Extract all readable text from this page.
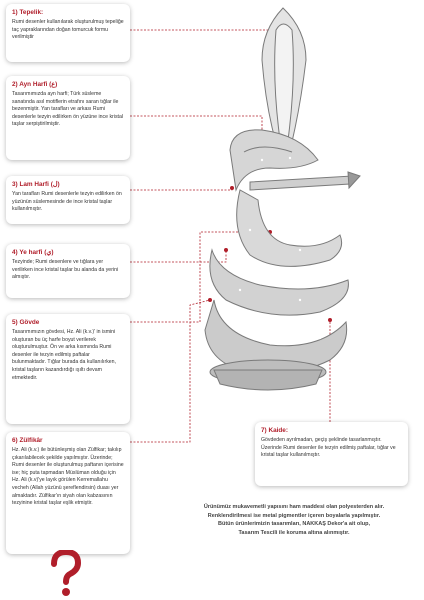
1) Tepelik:

Rumi desenler kullanılarak oluşturulmuş tepeliğe taç yapraklarından doğan tomurcuk formu verilmiştir

2) Ayn Harfi (ع)

Tasarımımızda ayn harfi; Türk süsleme sanatında asıl motiflerin etrafını saran tığlar ile bezenmiştir. Yan tarafları ve arkası Rumi desenlerle tezyin edilirken ön yüzüne ince kristal taşlar serpiştirilmiştir.

3) Lam Harfi (ل)

Yan tarafları Rumi desenlerle tezyin edilirken ön yüzünün süslemesinde de ince kristal taşlar kullanılmıştır.

4) Ye harfi (ي)

Tezyinde; Rumi desenlere ve tığlara yer verilirken ince kristal taşlar bu alanda da yerini almıştır.

5) Gövde

Tasarımımızın gövdesi, Hz. Ali (k.v.)' in ismini oluşturan bu üç harfe boyut verilerek oluşturulmuştur. Ön ve arka kısmında Rumi desenler ile tezyin edilmiş paftalar bulunmaktadır. Tığlar burada da kullanılırken, kristal taşların kazandırdığı ışıltı devam etmektedir.

6) Zülfikâr

Hz. Ali (k.v.) ile bütünleşmiş olan Zülfikar; takılıp çıkarılabilecek şekilde yapılmıştır. Üzerinde; Rumi desenler ile oluşturulmuş paftanın içerisine ise; hiç puta tapmadan Müslüman olduğu için Hz. Ali (k.v)'ye layık görülen Kerremallahu vecheh (Allah yüzünü şereflendirsin) duası yer almaktadır. Zülfikar'ın siyah olan kabzasının tezyinine kristal taşlar eşlik etmiştir.

7) Kaide:

Gövdeden ayrılmadan, geçiş şeklinde tasarlanmıştır. Üzerinde Rumi desenler ile tezyin edilmiş paftalar, tığlar ve kristal taşlar kullanılmıştır.

Ürünümüz mukavemetli yapısını ham maddesi olan polyesterden alır.

Renklendirilmesi ise metal pigmentler içeren boyalarla yapılmıştır.

Bütün ürünlerimizin tasarımları, NAKKAŞ Dekor'a ait olup,

Tasarım Tescili ile koruma altına alınmıştır.
